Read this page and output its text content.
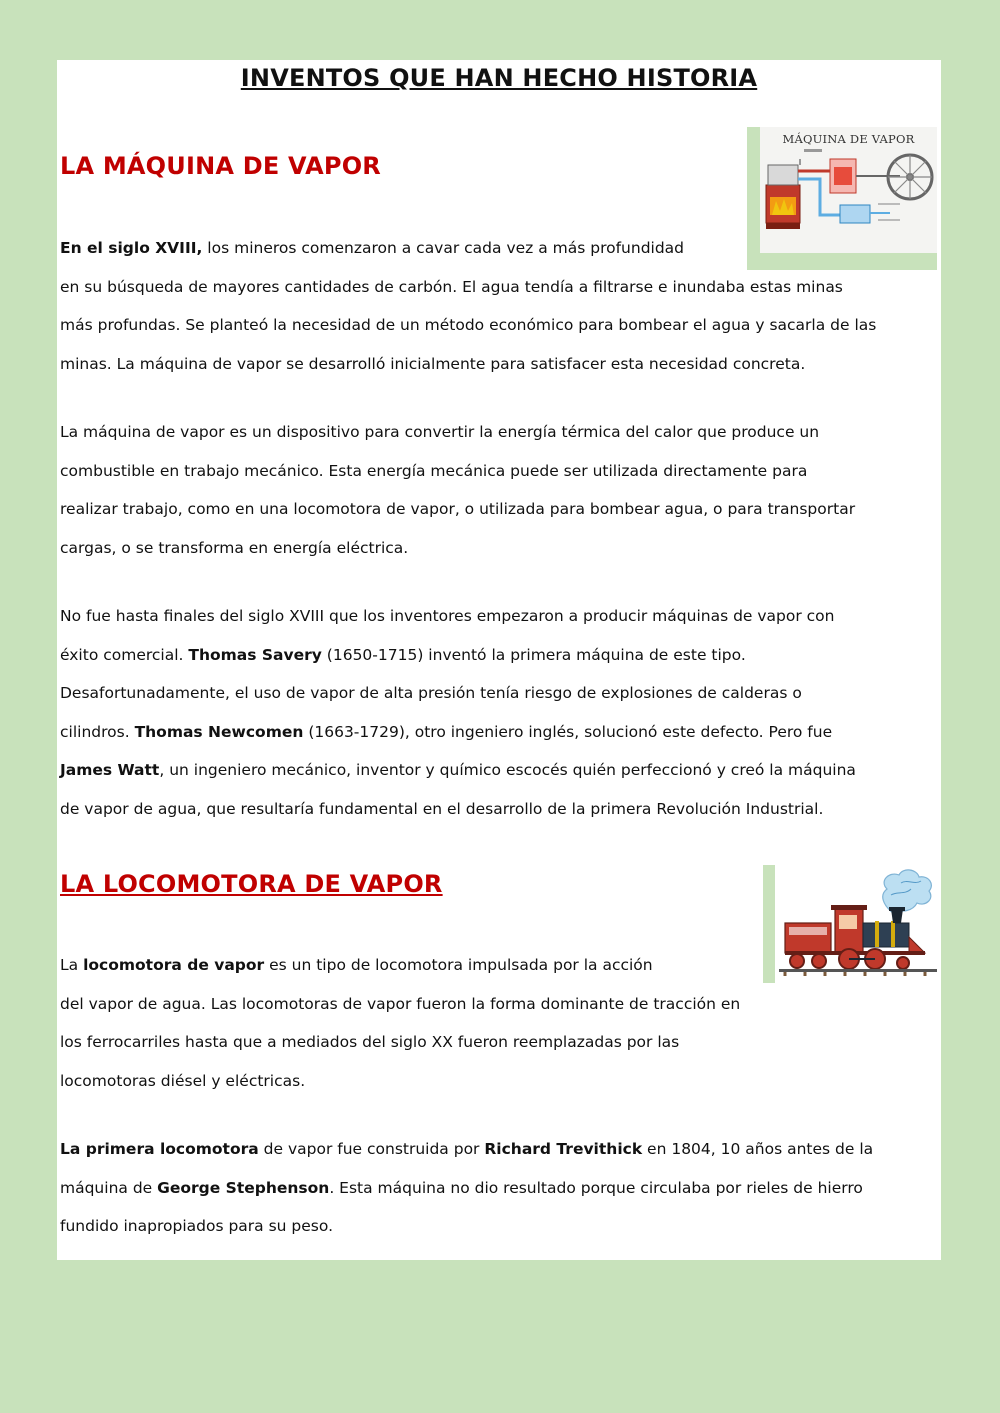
INVENTOS QUE HAN HECHO HISTORIA
LA MÁQUINA DE VAPOR
MÁQUINA DE VAPOR
En el siglo XVIII, los mineros comenzaron a cavar cada vez a más profundidad
en su búsqueda de mayores cantidades de carbón. El agua tendía a filtrarse e inundaba estas minas
más profundas. Se planteó la necesidad de un método económico para bombear el agua y sacarla de las
minas. La máquina de vapor se desarrolló inicialmente para satisfacer esta necesidad concreta.
La máquina de vapor es un dispositivo para convertir la energía térmica del calor que produce un
combustible en trabajo mecánico. Esta energía mecánica puede ser utilizada directamente para
realizar trabajo, como en una locomotora de vapor, o utilizada para bombear agua, o para transportar
cargas, o se transforma en energía eléctrica.
No fue hasta finales del siglo XVIII que los inventores empezaron a producir máquinas de vapor con
éxito comercial. Thomas Savery (1650-1715) inventó la primera máquina de este tipo.
Desafortunadamente, el uso de vapor de alta presión tenía riesgo de explosiones de calderas o
cilindros. Thomas Newcomen (1663-1729), otro ingeniero inglés, solucionó este defecto. Pero fue
James Watt, un ingeniero mecánico, inventor y químico escocés quién perfeccionó y creó la máquina
de vapor de agua, que resultaría fundamental en el desarrollo de la primera Revolución Industrial.
LA LOCOMOTORA DE VAPOR
La locomotora de vapor es un tipo de locomotora impulsada por la acción
del vapor de agua. Las locomotoras de vapor fueron la forma dominante de tracción en
los ferrocarriles hasta que a mediados del siglo XX fueron reemplazadas por las
locomotoras diésel y eléctricas.
La primera locomotora de vapor fue construida por Richard Trevithick en 1804, 10 años antes de la
máquina de George Stephenson. Esta máquina no dio resultado porque circulaba por rieles de hierro
fundido inapropiados para su peso.
